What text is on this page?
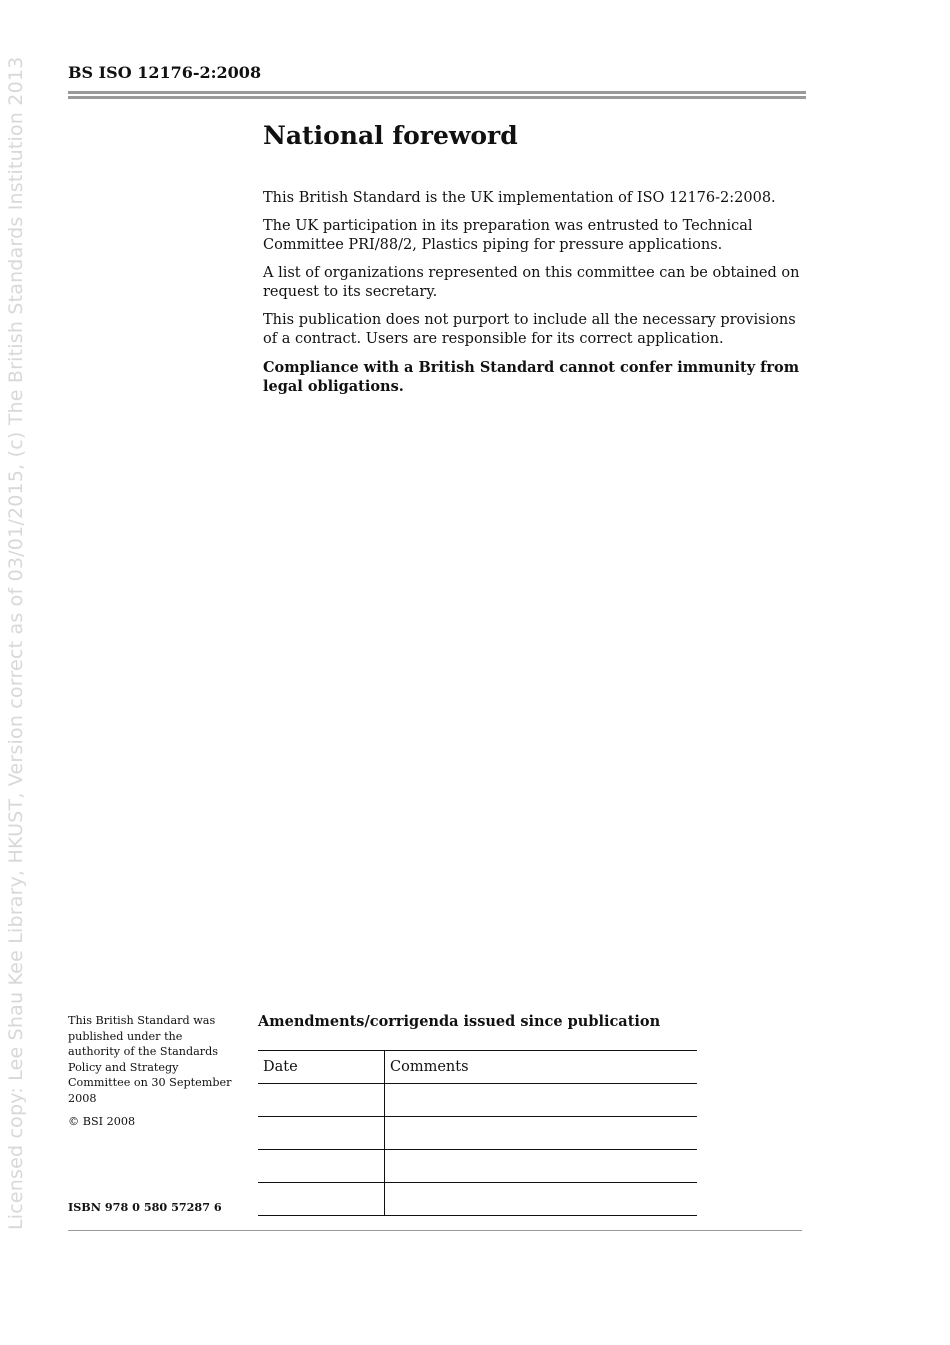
Licensed copy: Lee Shau Kee Library, HKUST, Version correct as of 03/01/2015, (c) The British Standards Institution 2013	BS ISO 12176-2:2008

National foreword

This British Standard is the UK implementation of ISO 12176-2:2008.

The UK participation in its preparation was entrusted to Technical Committee PRI/88/2, Plastics piping for pressure applications.

A list of organizations represented on this committee can be obtained on request to its secretary.

This publication does not purport to include all the necessary provisions of a contract. Users are responsible for its correct application.

Compliance with a British Standard cannot confer immunity from legal obligations.

This British Standard was published under the authority of the Standards Policy and Strategy Committee on 30 September 2008

© BSI 2008

ISBN 978 0 580 57287 6

Amendments/corrigenda issued since publication

Date	Comments
